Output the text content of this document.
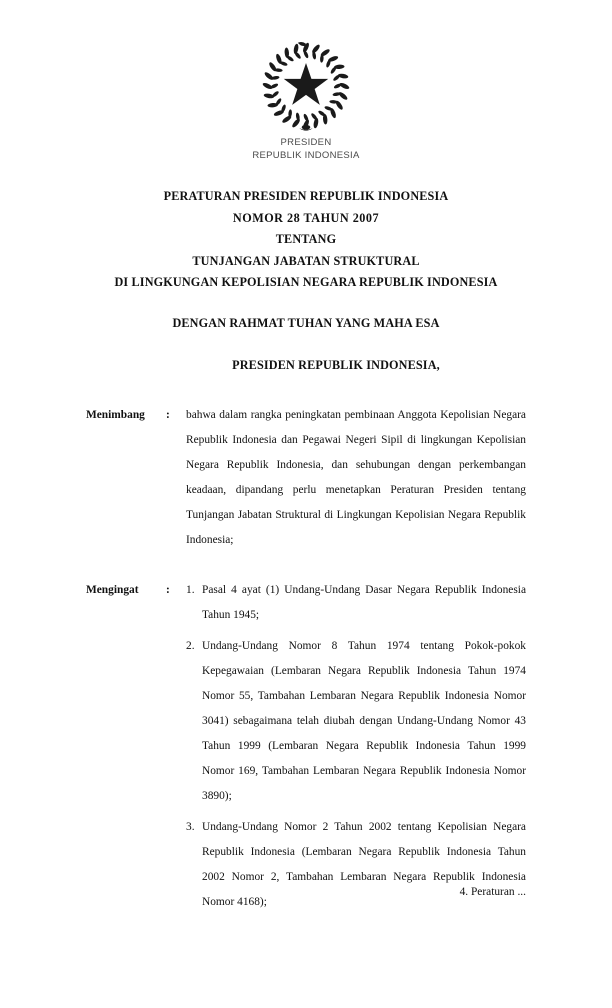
PRESIDEN
REPUBLIK INDONESIA
PERATURAN PRESIDEN REPUBLIK INDONESIA
NOMOR 28 TAHUN 2007
TENTANG
TUNJANGAN JABATAN STRUKTURAL
DI LINGKUNGAN KEPOLISIAN NEGARA REPUBLIK INDONESIA
DENGAN RAHMAT TUHAN YANG MAHA ESA
PRESIDEN REPUBLIK INDONESIA,
Menimbang	:	bahwa dalam rangka peningkatan pembinaan Anggota Kepolisian Negara Republik Indonesia dan Pegawai Negeri Sipil di lingkungan Kepolisian Negara Republik Indonesia, dan sehubungan dengan perkembangan keadaan, dipandang perlu menetapkan Peraturan Presiden tentang Tunjangan Jabatan Struktural di Lingkungan Kepolisian Negara Republik Indonesia;

Mengingat	:	1. Pasal 4 ayat (1) Undang-Undang Dasar Negara Republik Indonesia Tahun 1945;
2. Undang-Undang Nomor 8 Tahun 1974 tentang Pokok-pokok Kepegawaian (Lembaran Negara Republik Indonesia Tahun 1974 Nomor 55, Tambahan Lembaran Negara Republik Indonesia Nomor 3041) sebagaimana telah diubah dengan Undang-Undang Nomor 43 Tahun 1999 (Lembaran Negara Republik Indonesia Tahun 1999 Nomor 169, Tambahan Lembaran Negara Republik Indonesia Nomor 3890);
3. Undang-Undang Nomor 2 Tahun 2002 tentang Kepolisian Negara Republik Indonesia (Lembaran Negara Republik Indonesia Tahun 2002 Nomor 2, Tambahan Lembaran Negara Republik Indonesia Nomor 4168);
4. Peraturan ...
